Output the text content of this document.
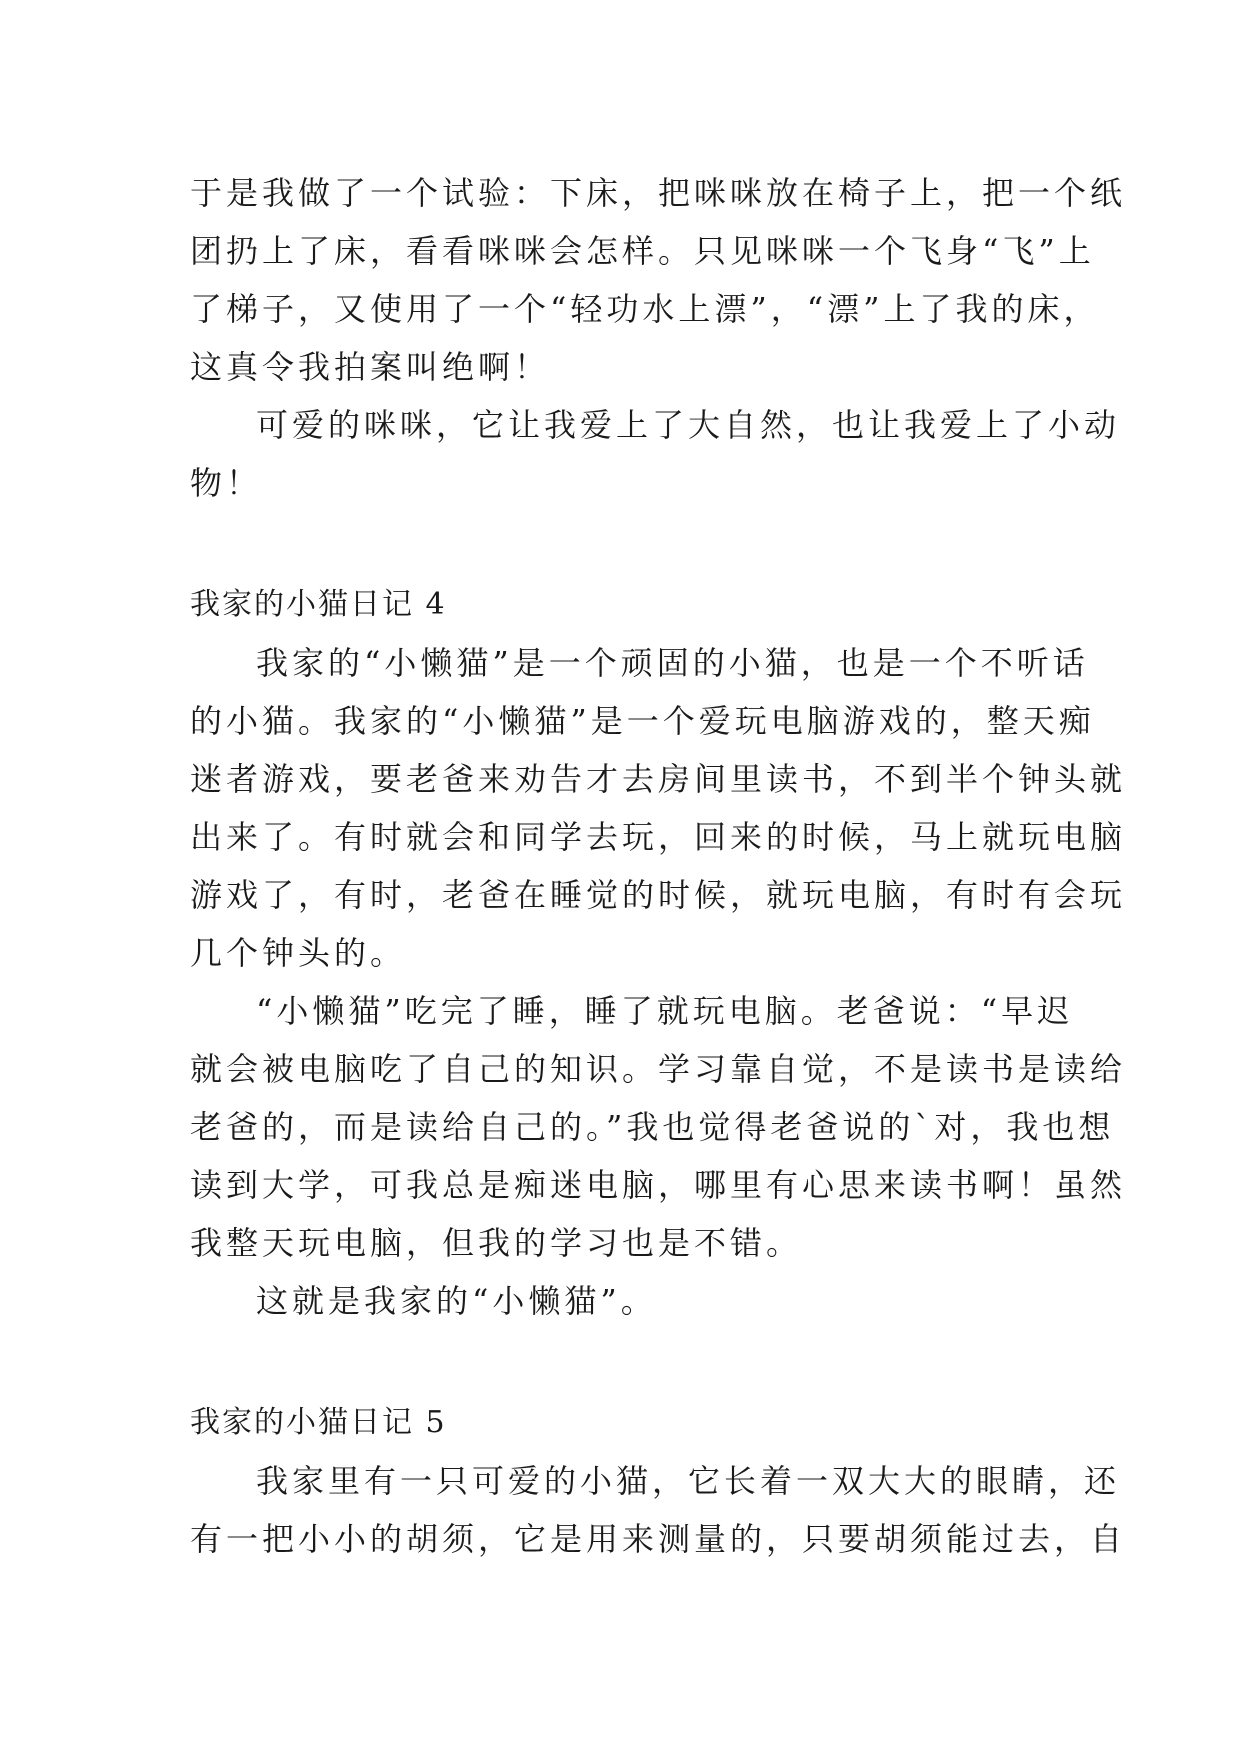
于是我做了一个试验：下床，把咪咪放在椅子上，把一个纸
团扔上了床，看看咪咪会怎样。只见咪咪一个飞身“飞”上
了梯子，又使用了一个“轻功水上漂”，“漂”上了我的床，
这真令我拍案叫绝啊！
可爱的咪咪，它让我爱上了大自然，也让我爱上了小动
物！
我家的小猫日记 4
我家的“小懒猫”是一个顽固的小猫，也是一个不听话
的小猫。我家的“小懒猫”是一个爱玩电脑游戏的，整天痴
迷者游戏，要老爸来劝告才去房间里读书，不到半个钟头就
出来了。有时就会和同学去玩，回来的时候，马上就玩电脑
游戏了，有时，老爸在睡觉的时候，就玩电脑，有时有会玩
几个钟头的。
“小懒猫”吃完了睡，睡了就玩电脑。老爸说：“早迟
就会被电脑吃了自己的知识。学习靠自觉，不是读书是读给
老爸的，而是读给自己的。”我也觉得老爸说的`对，我也想
读到大学，可我总是痴迷电脑，哪里有心思来读书啊！虽然
我整天玩电脑，但我的学习也是不错。
这就是我家的“小懒猫”。
我家的小猫日记 5
我家里有一只可爱的小猫，它长着一双大大的眼睛，还
有一把小小的胡须，它是用来测量的，只要胡须能过去，自
